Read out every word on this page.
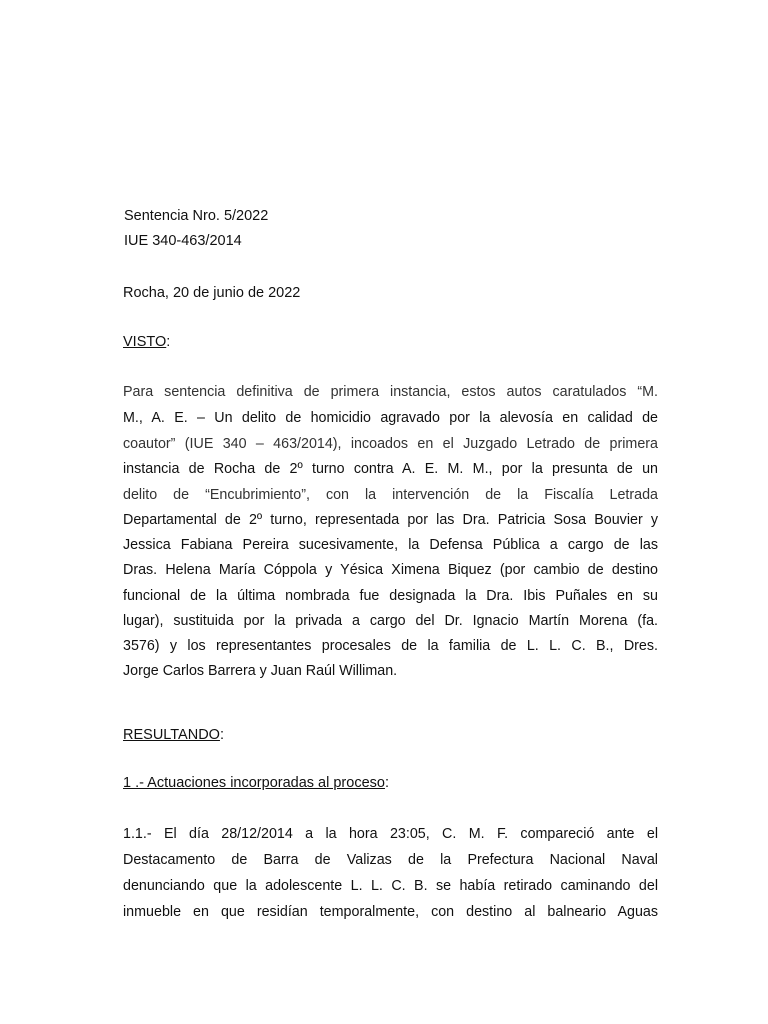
Sentencia Nro. 5/2022
IUE 340-463/2014
Rocha, 20 de junio de 2022
VISTO:
Para sentencia definitiva de primera instancia, estos autos caratulados “M.
M., A. E. – Un delito de homicidio agravado por la alevosía en calidad de
coautor” (IUE 340 – 463/2014), incoados en el Juzgado Letrado de primera
instancia de Rocha de 2º turno contra A. E. M. M., por la presunta de un
delito de “Encubrimiento”, con la intervención de la Fiscalía Letrada
Departamental de 2º turno, representada por las Dra. Patricia Sosa Bouvier y
Jessica Fabiana Pereira sucesivamente, la Defensa Pública a cargo de las
Dras. Helena María Cóppola y Yésica Ximena Biquez (por cambio de destino
funcional de la última nombrada fue designada la Dra. Ibis Puñales en su
lugar), sustituida por la privada a cargo del Dr. Ignacio Martín Morena (fa.
3576) y los representantes procesales de la familia de L. L. C. B., Dres.
Jorge Carlos Barrera y Juan Raúl Williman.
RESULTANDO:
1 .- Actuaciones incorporadas al proceso:
1.1.- El día 28/12/2014 a la hora 23:05, C. M. F. compareció ante el
Destacamento de Barra de Valizas de la Prefectura Nacional Naval
denunciando que la adolescente L. L. C. B. se había retirado caminando del
inmueble en que residían temporalmente, con destino al balneario Aguas
